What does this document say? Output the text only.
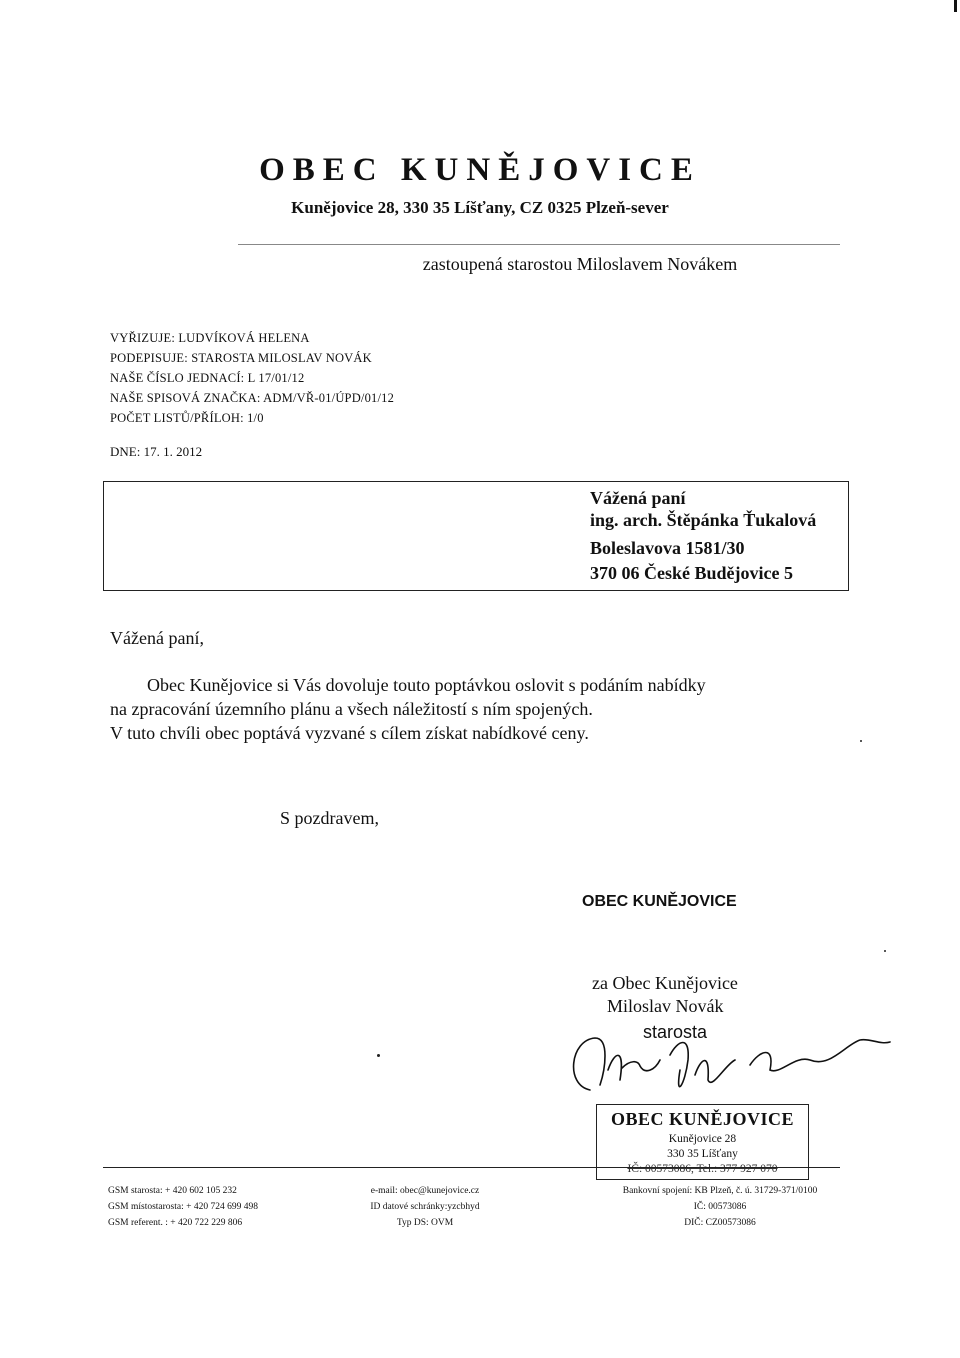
OBEC KUNĚJOVICE
Kunějovice 28, 330 35 Líšťany, CZ 0325 Plzeň-sever
zastoupená starostou Miloslavem Novákem
VYŘIZUJE: LUDVÍKOVÁ HELENA
PODEPISUJE: STAROSTA MILOSLAV NOVÁK
NAŠE ČÍSLO JEDNACÍ: L 17/01/12
NAŠE SPISOVÁ ZNAČKA: ADM/VŘ-01/ÚPD/01/12
POČET LISTŮ/PŘÍLOH: 1/0
DNE: 17. 1. 2012
Vážená paní
ing. arch. Štěpánka Ťukalová
Boleslavova 1581/30
370 06 České Budějovice 5
Vážená paní,
Obec Kunějovice si Vás dovoluje touto poptávkou oslovit s podáním nabídky
na zpracování územního plánu a všech náležitostí s ním spojených.
V tuto chvíli obec poptává vyzvané s cílem získat nabídkové ceny.
S pozdravem,
OBEC KUNĚJOVICE
za Obec Kunějovice
Miloslav Novák
starosta
OBEC KUNĚJOVICE
Kunějovice 28
330 35 Líšťany
IČ: 00573086, Tel.: 377 927 070
GSM starosta: + 420 602 105 232
GSM místostarosta: + 420 724 699 498
GSM referent. : + 420 722 229 806
e-mail: obec@kunejovice.cz
ID datové schránky:yzcbhyd
Typ DS: OVM
Bankovní spojení: KB Plzeň, č. ú. 31729-371/0100
IČ: 00573086
DIČ: CZ00573086
